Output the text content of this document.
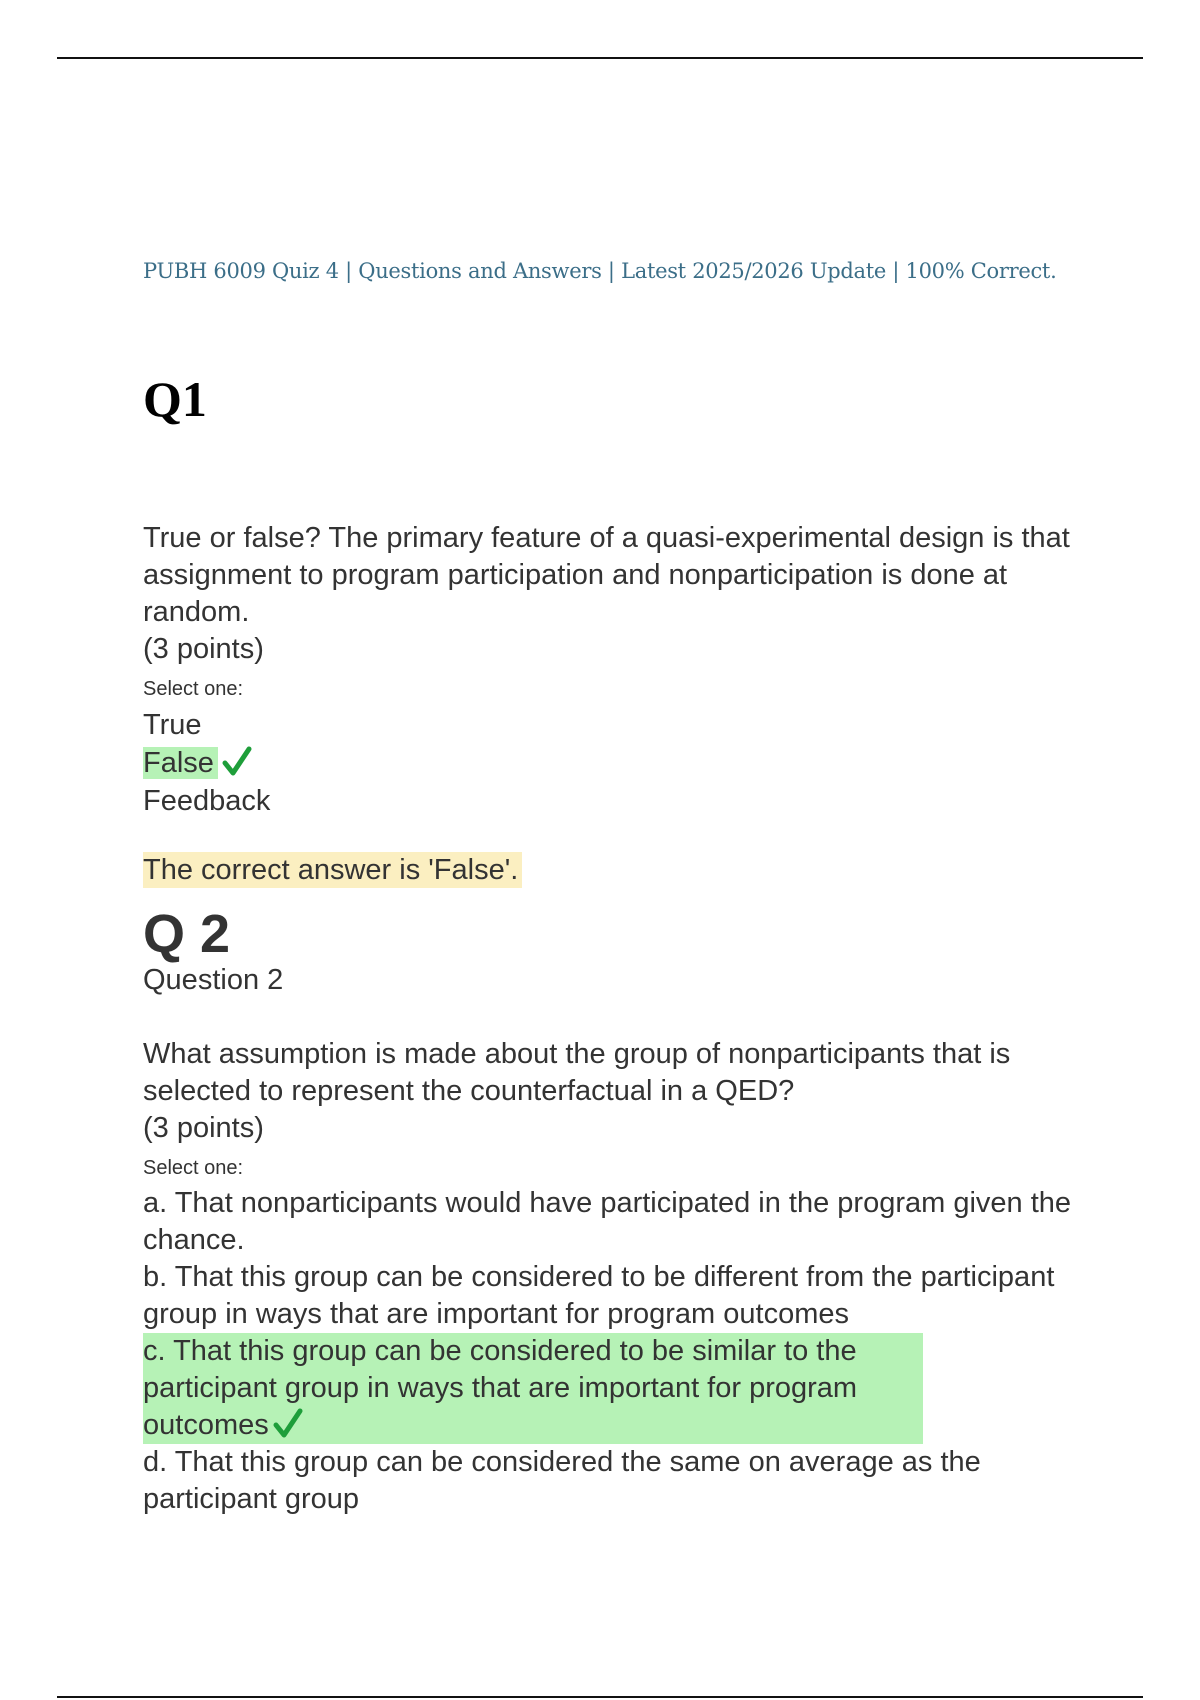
PUBH 6009 Quiz 4 | Questions and Answers | Latest 2025/2026 Update | 100% Correct.

Q1

True or false? The primary feature of a quasi-experimental design is that assignment to program participation and nonparticipation is done at random.

(3 points)

Select one:

True

False

Feedback

The correct answer is 'False'.

Q 2

Question 2

What assumption is made about the group of nonparticipants that is selected to represent the counterfactual in a QED?

(3 points)

Select one:

a. That nonparticipants would have participated in the program given the chance.

b. That this group can be considered to be different from the participant group in ways that are important for program outcomes

c. That this group can be considered to be similar to the participant group in ways that are important for program outcomes

d. That this group can be considered the same on average as the participant group
